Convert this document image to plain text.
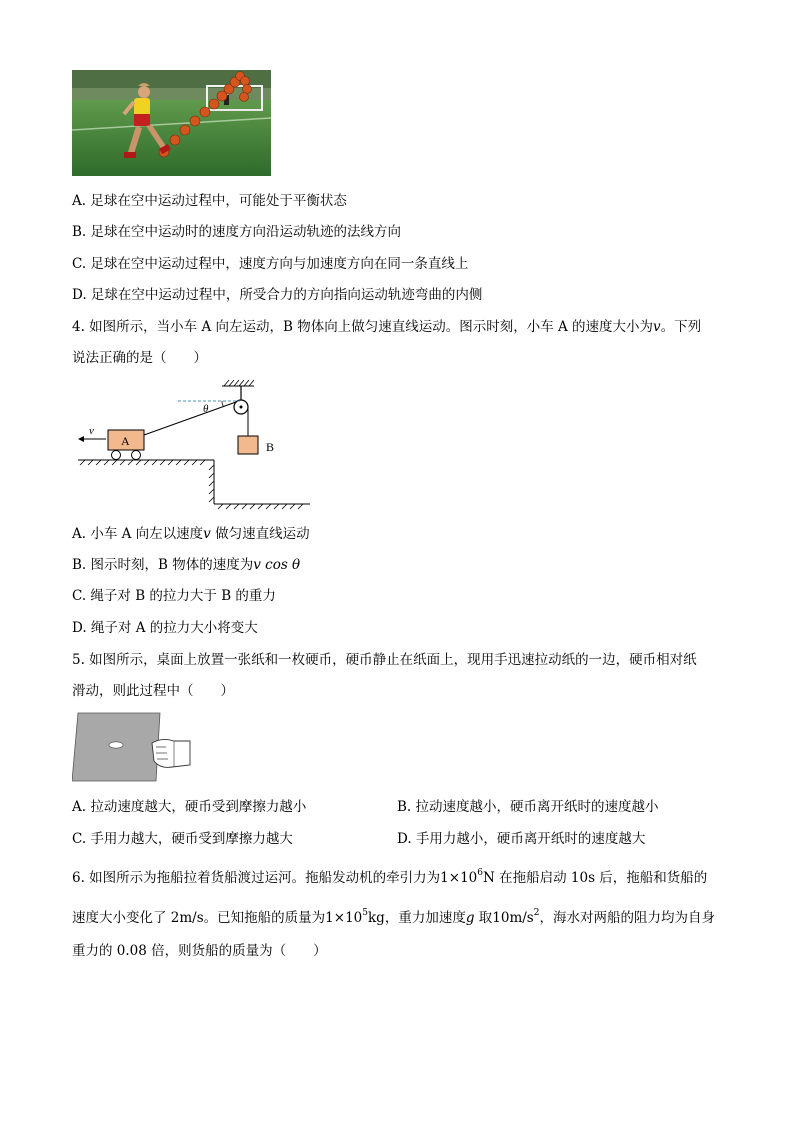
A. 足球在空中运动过程中，可能处于平衡状态
B. 足球在空中运动时的速度方向沿运动轨迹的法线方向
C. 足球在空中运动过程中，速度方向与加速度方向在同一条直线上
D. 足球在空中运动过程中，所受合力的方向指向运动轨迹弯曲的内侧
4. 如图所示，当小车 A 向左运动，B 物体向上做匀速直线运动。图示时刻，小车 A 的速度大小为v。下列
说法正确的是（　　）
θ
B
A
v
A. 小车 A 向左以速度v 做匀速直线运动
B. 图示时刻，B 物体的速度为v cos θ
C. 绳子对 B 的拉力大于 B 的重力
D. 绳子对 A 的拉力大小将变大
5. 如图所示，桌面上放置一张纸和一枚硬币，硬币静止在纸面上，现用手迅速拉动纸的一边，硬币相对纸
滑动，则此过程中（　　）
A. 拉动速度越大，硬币受到摩擦力越小	B. 拉动速度越小，硬币离开纸时的速度越小
C. 手用力越大，硬币受到摩擦力越大	D. 手用力越小，硬币离开纸时的速度越大
6. 如图所示为拖船拉着货船渡过运河。拖船发动机的牵引力为$1\times 10^6N$ 在拖船启动 10s 后，拖船和货船的
速度大小变化了 2m/s。已知拖船的质量为$1\times 10^5kg$，重力加速度g 取$10m/s^2$，海水对两船的阻力均为自身
重力的 0.08 倍，则货船的质量为（　　）
